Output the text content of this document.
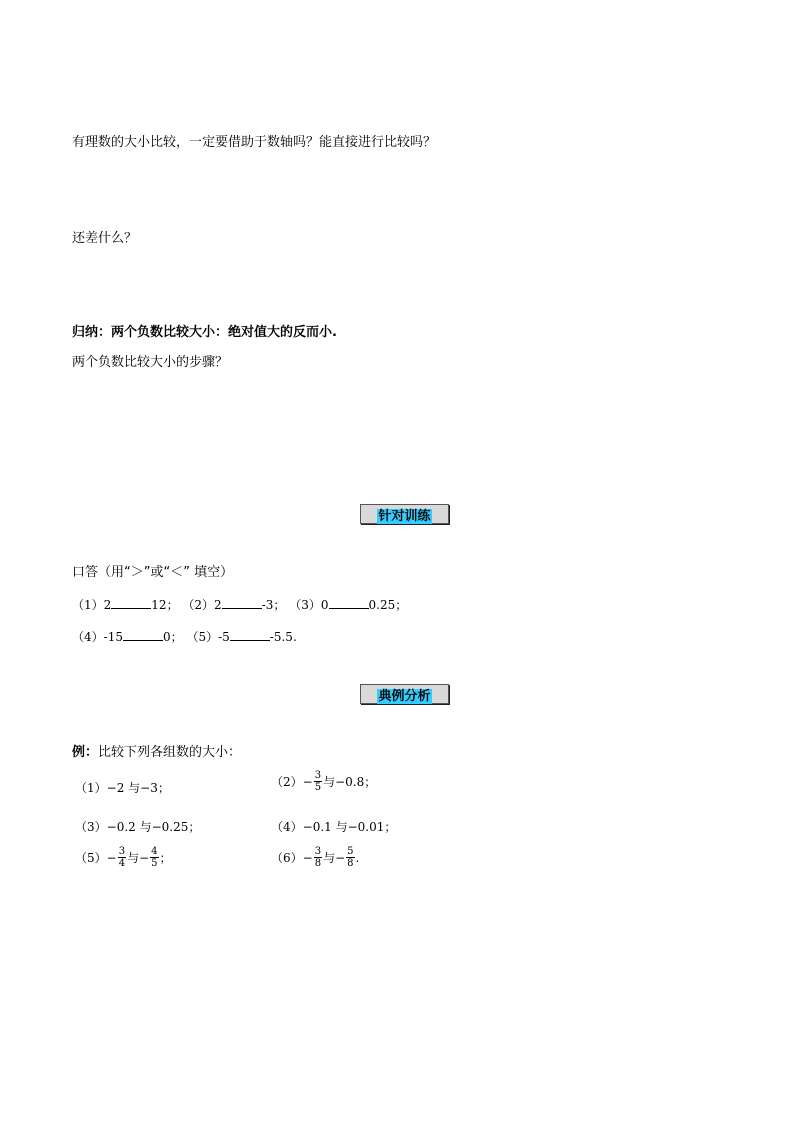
有理数的大小比较，一定要借助于数轴吗？能直接进行比较吗？
还差什么？
归纳：两个负数比较大小：绝对值大的反而小.
两个负数比较大小的步骤？
针对训练
口答（用“＞”或“＜” 填空）
（1）2	12； （2）2	-3； （3）0	0.25；
（4）-15	0； （5）-5	-5.5.
典例分析
例：比较下列各组数的大小：
（1） −2 与−3；	$(2) - \frac{3}{5}$ 与−0.8；
（3） −0.2 与−0.25；	（4） −0.1 与−0.01；
$(5) - \frac{3}{4}$ 与− $\frac{4}{5}$ ；	$(6) - \frac{3}{8}$ 与− $\frac{5}{8}$ .
